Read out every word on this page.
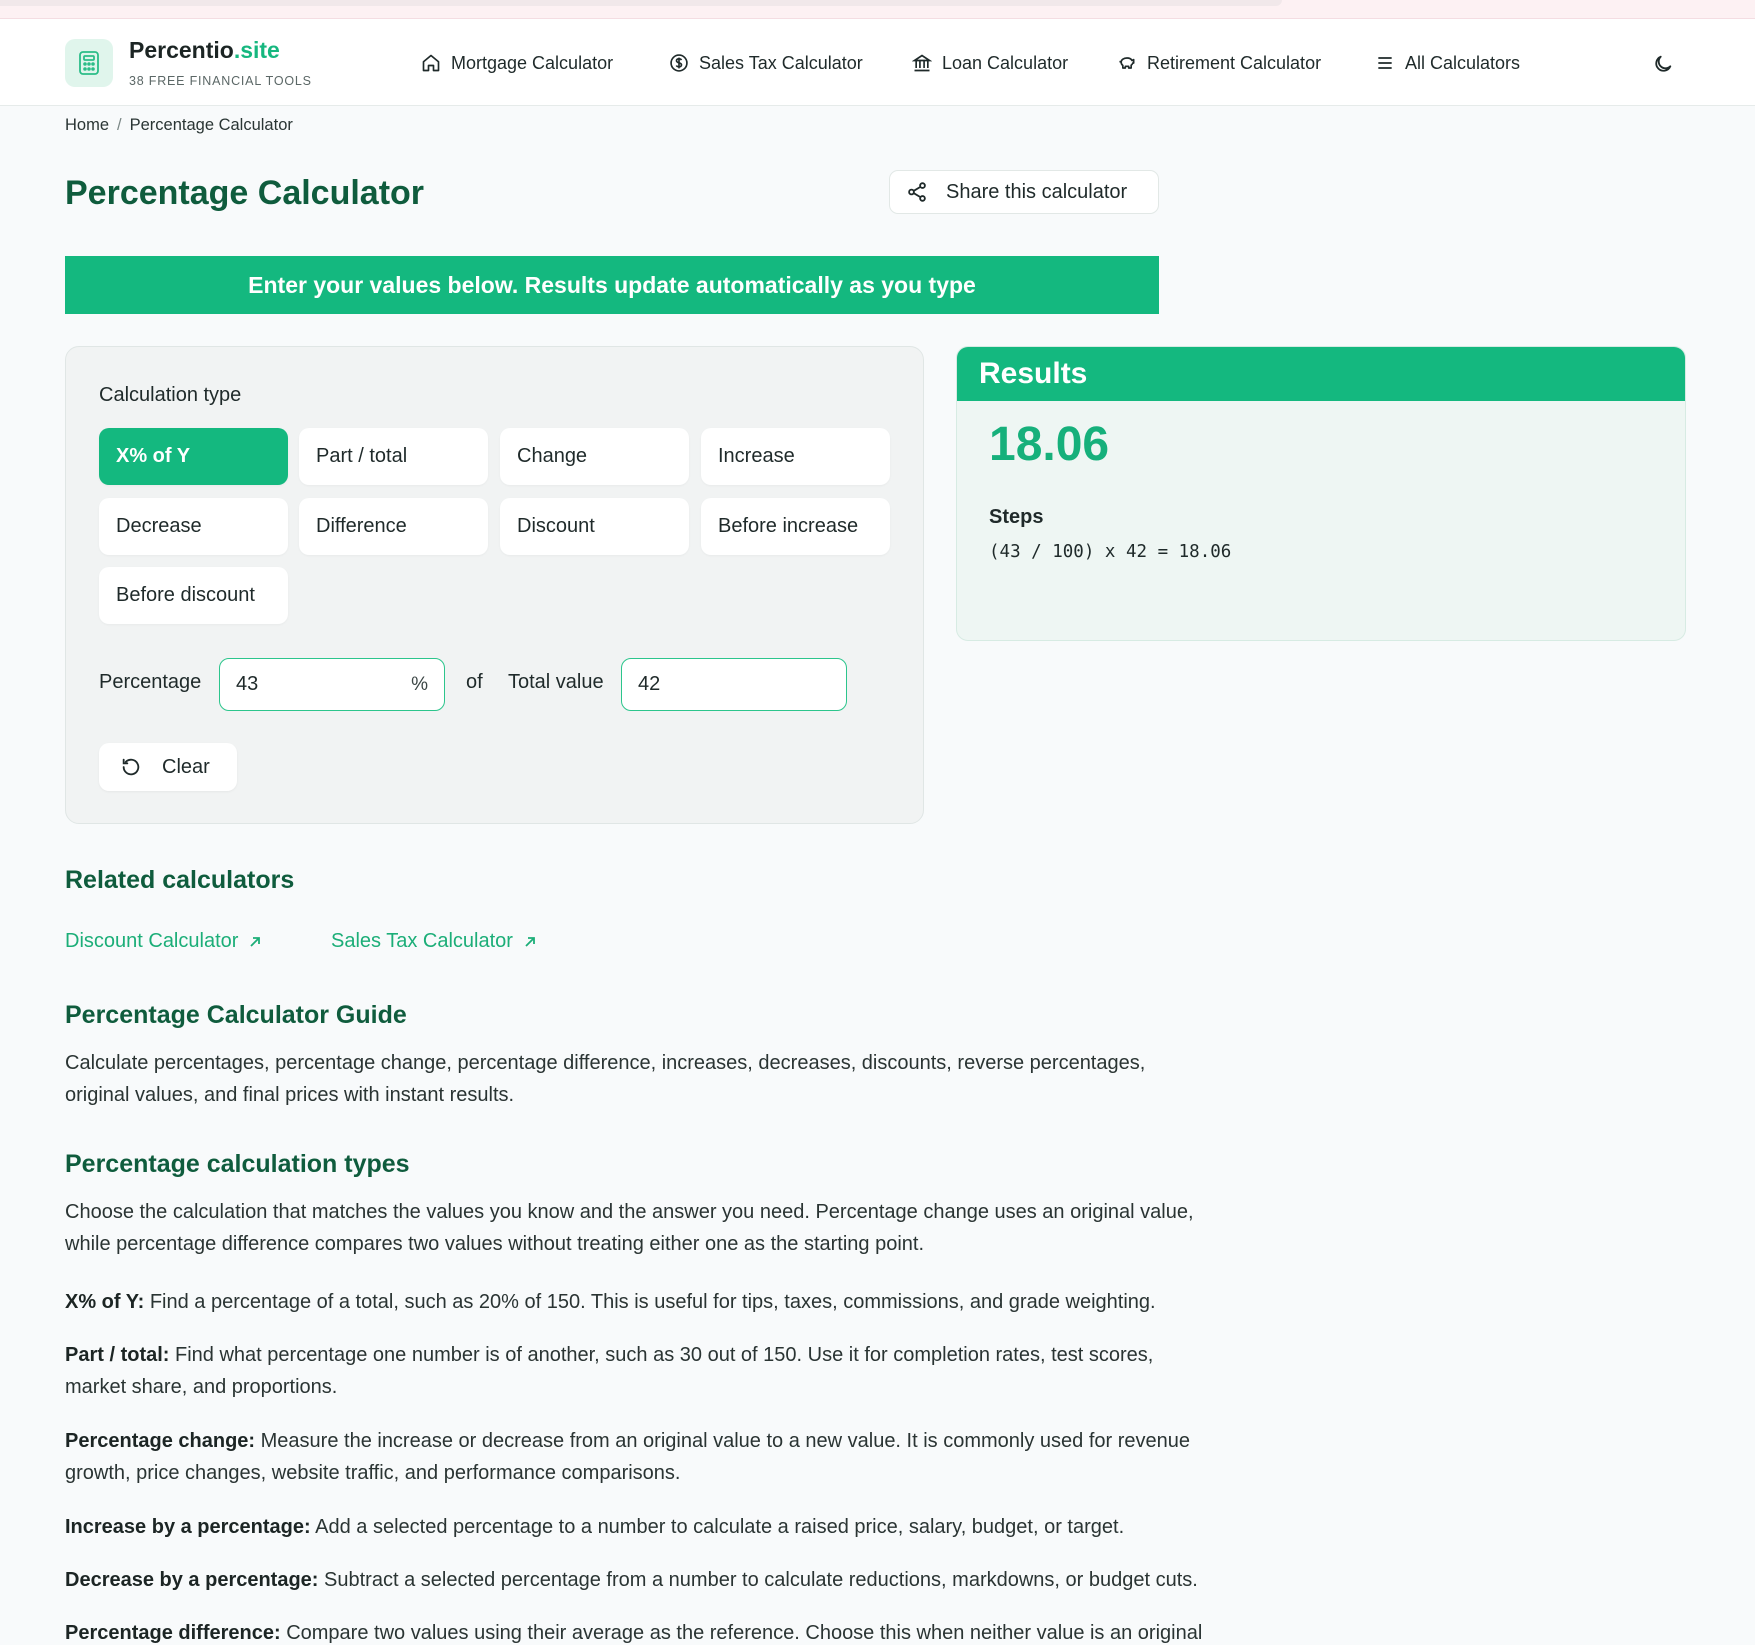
Percentio.site
38 FREE FINANCIAL TOOLS
Mortgage Calculator	Sales Tax Calculator	Loan Calculator	Retirement Calculator	All Calculators
Home / Percentage Calculator
Percentage Calculator	Share this calculator
Enter your values below. Results update automatically as you type
Calculation type
X% of Y	Part / total	Change	Increase
Decrease	Difference	Discount	Before increase
Before discount
Percentage
43	% of Total value
42
Clear
Results
18.06
Steps
(43 / 100) x 42 = 18.06
Related calculators
Discount Calculator	Sales Tax Calculator
Percentage Calculator Guide
Calculate percentages, percentage change, percentage difference, increases, decreases, discounts, reverse percentages,
original values, and final prices with instant results.
Percentage calculation types
Choose the calculation that matches the values you know and the answer you need. Percentage change uses an original value,
while percentage difference compares two values without treating either one as the starting point.
X% of Y: Find a percentage of a total, such as 20% of 150. This is useful for tips, taxes, commissions, and grade weighting.
Part / total: Find what percentage one number is of another, such as 30 out of 150. Use it for completion rates, test scores,
market share, and proportions.
Percentage change: Measure the increase or decrease from an original value to a new value. It is commonly used for revenue
growth, price changes, website traffic, and performance comparisons.
Increase by a percentage: Add a selected percentage to a number to calculate a raised price, salary, budget, or target.
Decrease by a percentage: Subtract a selected percentage from a number to calculate reductions, markdowns, or budget cuts.
Percentage difference: Compare two values using their average as the reference. Choose this when neither value is an original
